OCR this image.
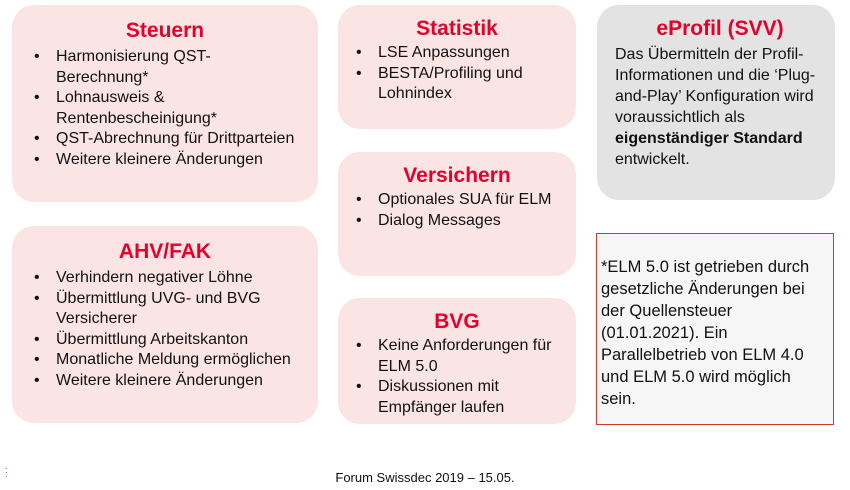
Steuern
• Harmonisierung QST-Berechnung*
• Lohnausweis & Rentenbescheinigung*
• QST-Abrechnung für Drittparteien
• Weitere kleinere Änderungen
AHV/FAK
• Verhindern negativer Löhne
• Übermittlung UVG- und BVG Versicherer
• Übermittlung Arbeitskanton
• Monatliche Meldung ermöglichen
• Weitere kleinere Änderungen
Statistik
• LSE Anpassungen
• BESTA/Profiling und Lohnindex
Versichern
• Optionales SUA für ELM
• Dialog Messages
BVG
• Keine Anforderungen für ELM 5.0
• Diskussionen mit Empfänger laufen
eProfil (SVV)
Das Übermitteln der Profil-Informationen und die ‘Plug-and-Play’ Konfiguration wird voraussichtlich als eigenständiger Standard entwickelt.
*ELM 5.0 ist getrieben durch gesetzliche Änderungen bei der Quellensteuer (01.01.2021). Ein Parallelbetrieb von ELM 4.0 und ELM 5.0 wird möglich sein.
.
:	Forum Swissdec 2019 – 15.05.
